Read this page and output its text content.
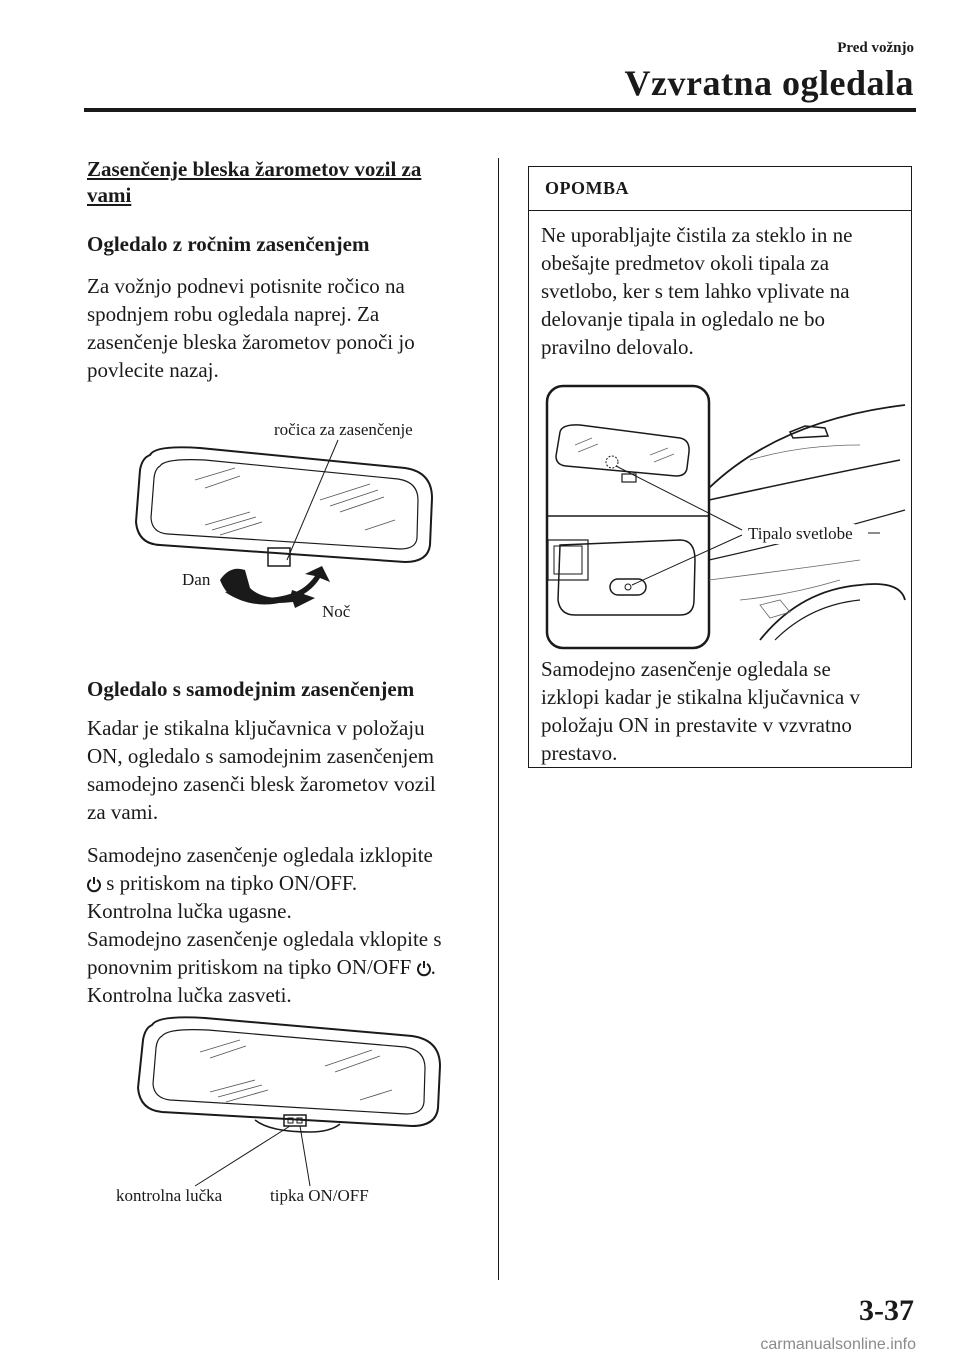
Pred vožnjo
Vzvratna ogledala
Zasenčenje bleska žarometov vozil za vami
Ogledalo z ročnim zasenčenjem
Za vožnjo podnevi potisnite ročico na
spodnjem robu ogledala naprej. Za
zasenčenje bleska žarometov ponoči jo
povlecite nazaj.
ročica za zasenčenje
Dan
Noč
Ogledalo s samodejnim zasenčenjem
Kadar je stikalna ključavnica v položaju
ON, ogledalo s samodejnim zasenčenjem
samodejno zasenči blesk žarometov vozil
za vami.
Samodejno zasenčenje ogledala izklopite
s pritiskom na tipko ON/OFF.
Kontrolna lučka ugasne.
Samodejno zasenčenje ogledala vklopite s
ponovnim pritiskom na tipko ON/OFF .
Kontrolna lučka zasveti.
kontrolna lučka	tipka ON/OFF
OPOMBA
Ne uporabljajte čistila za steklo in ne
obešajte predmetov okoli tipala za
svetlobo, ker s tem lahko vplivate na
delovanje tipala in ogledalo ne bo
pravilno delovalo.
Samodejno zasenčenje ogledala se
izklopi kadar je stikalna ključavnica v
položaju ON in prestavite v vzvratno
prestavo.
Tipalo svetlobe
3-37
carmanualsonline.info
